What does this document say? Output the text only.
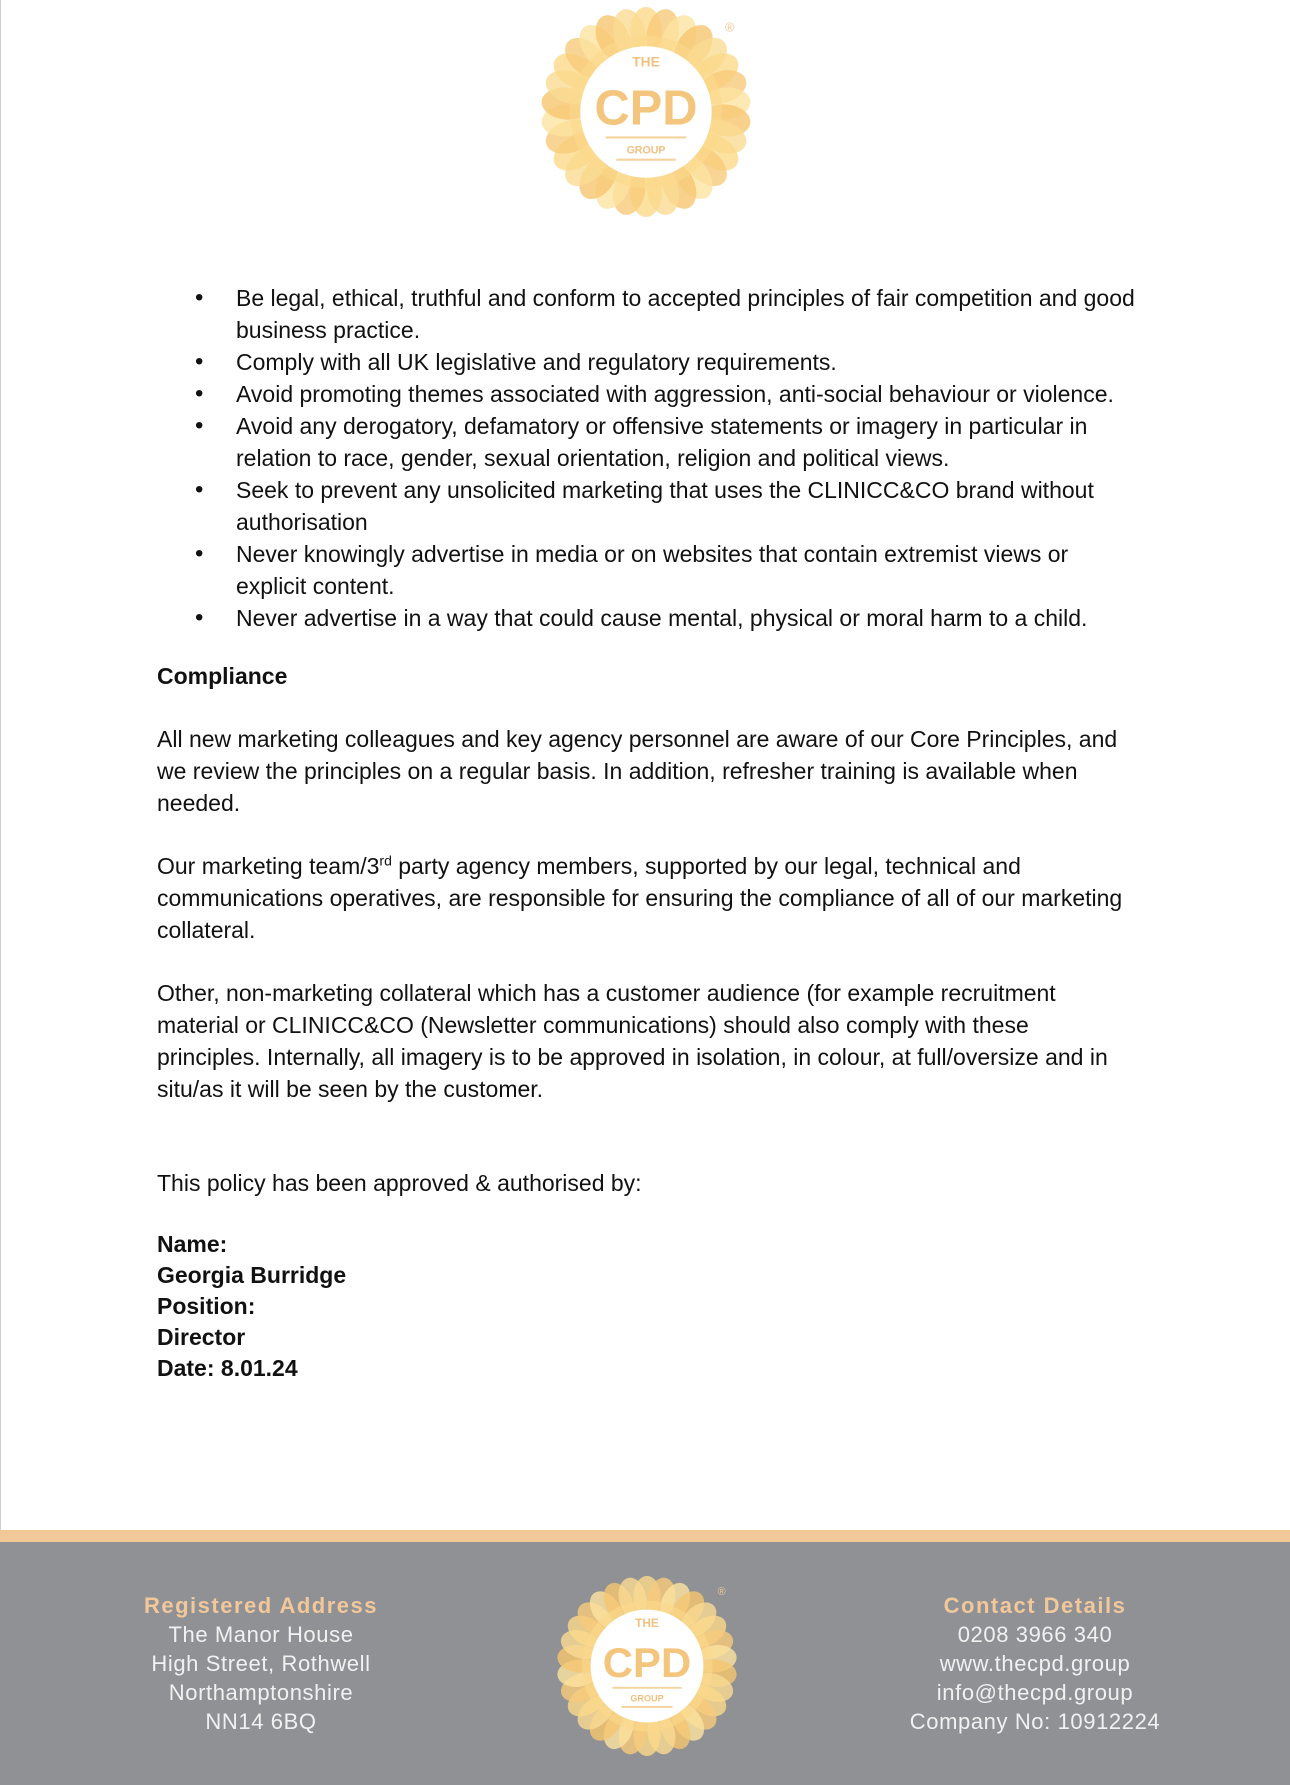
THE
CPD
GROUP
®
• Be legal, ethical, truthful and conform to accepted principles of fair competition and good business practice.
• Comply with all UK legislative and regulatory requirements.
• Avoid promoting themes associated with aggression, anti-social behaviour or violence.
• Avoid any derogatory, defamatory or offensive statements or imagery in particular in relation to race, gender, sexual orientation, religion and political views.
• Seek to prevent any unsolicited marketing that uses the CLINICC&CO brand without authorisation
• Never knowingly advertise in media or on websites that contain extremist views or explicit content.
• Never advertise in a way that could cause mental, physical or moral harm to a child.

Compliance

All new marketing colleagues and key agency personnel are aware of our Core Principles, and we review the principles on a regular basis. In addition, refresher training is available when needed.

Our marketing team/3rd party agency members, supported by our legal, technical and communications operatives, are responsible for ensuring the compliance of all of our marketing collateral.

Other, non-marketing collateral which has a customer audience (for example recruitment material or CLINICC&CO (Newsletter communications) should also comply with these principles. Internally, all imagery is to be approved in isolation, in colour, at full/oversize and in situ/as it will be seen by the customer.

This policy has been approved & authorised by:

Name:
Georgia Burridge
Position:
Director
Date: 8.01.24
Registered Address
The Manor House
High Street, Rothwell
Northamptonshire
NN14 6BQ
Contact Details
0208 3966 340
www.thecpd.group
info@thecpd.group
Company No: 10912224
THE
CPD
GROUP
®
